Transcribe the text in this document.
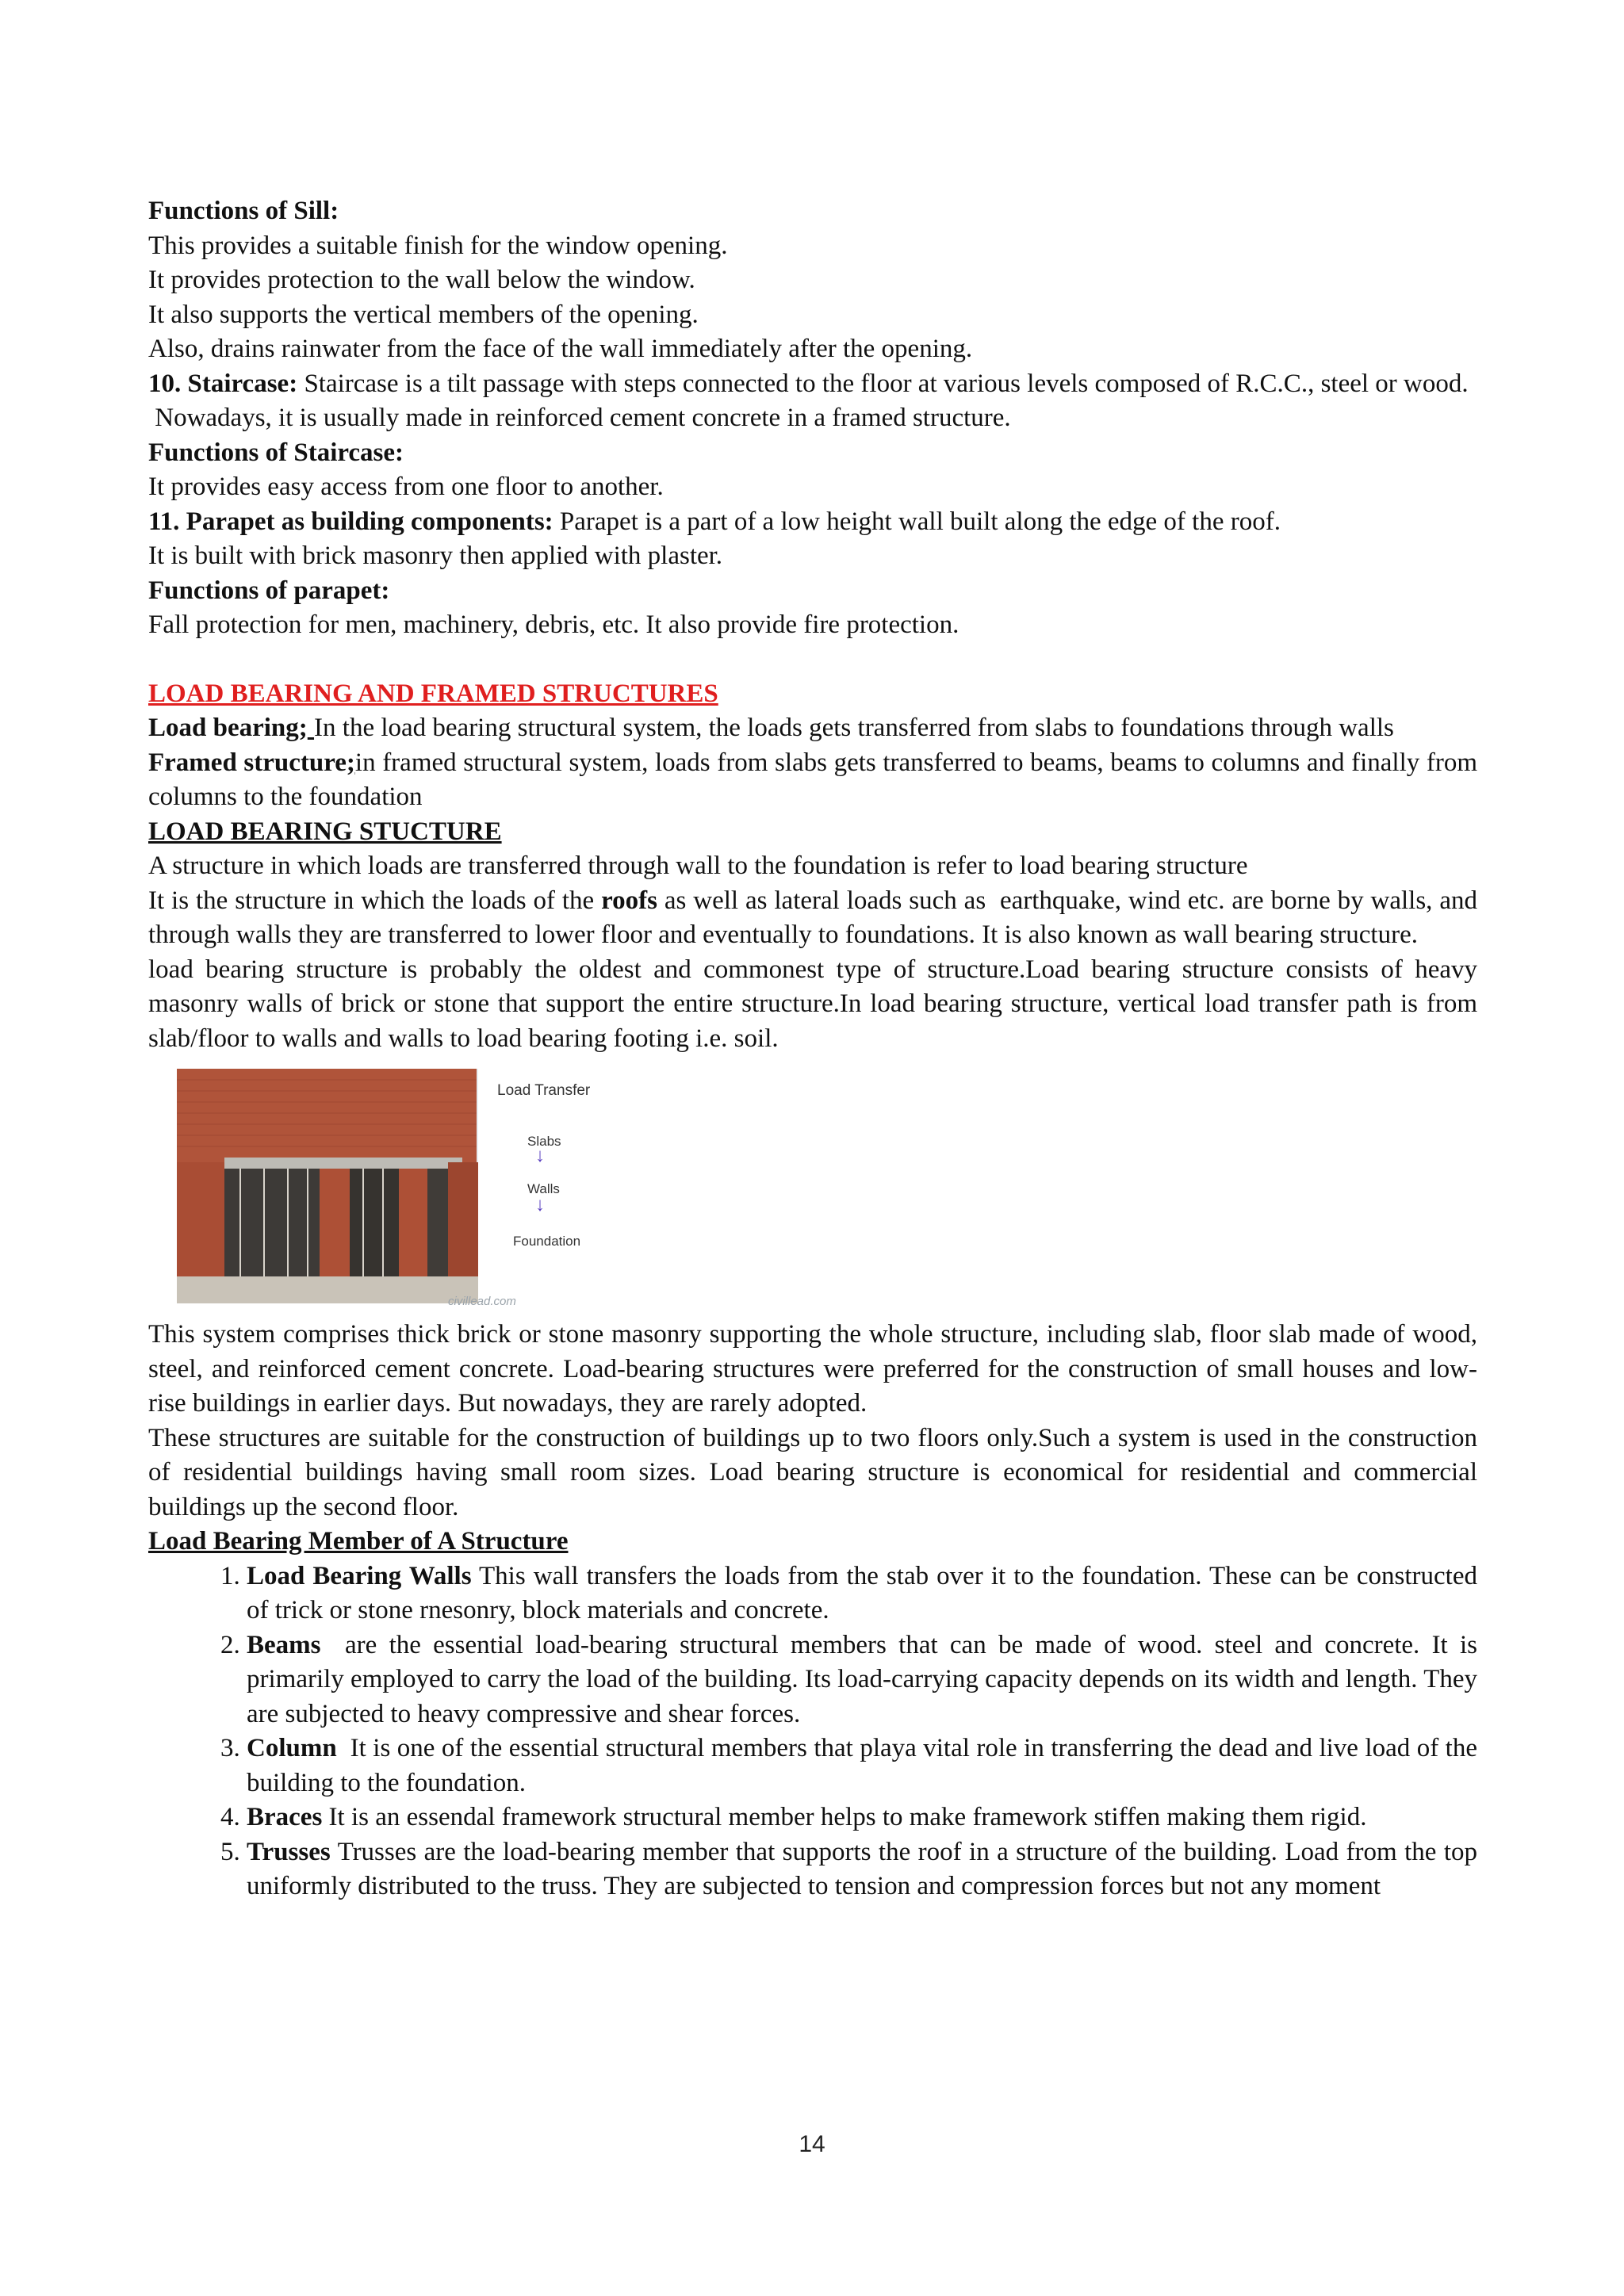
Functions of Sill:

This provides a suitable finish for the window opening.

It provides protection to the wall below the window.

It also supports the vertical members of the opening.

Also, drains rainwater from the face of the wall immediately after the opening.

10. Staircase: Staircase is a tilt passage with steps connected to the floor at various levels composed of R.C.C., steel or wood.

Nowadays, it is usually made in reinforced cement concrete in a framed structure.

Functions of Staircase:

It provides easy access from one floor to another.

11. Parapet as building components: Parapet is a part of a low height wall built along the edge of the roof.

It is built with brick masonry then applied with plaster.

Functions of parapet:

Fall protection for men, machinery, debris, etc. It also provide fire protection.

LOAD BEARING AND FRAMED STRUCTURES

Load bearing; In the load bearing structural system, the loads gets transferred from slabs to foundations through walls

Framed structure;in framed structural system, loads from slabs gets transferred to beams, beams to columns and finally from columns to the foundation

LOAD BEARING STUCTURE

A structure in which loads are transferred through wall to the foundation is refer to load bearing structure

It is the structure in which the loads of the roofs as well as lateral loads such as  earthquake, wind etc. are borne by walls, and through walls they are transferred to lower floor and eventually to foundations. It is also known as wall bearing structure.

load bearing structure is probably the oldest and commonest type of structure.Load bearing structure consists of heavy masonry walls of brick or stone that support the entire structure.In load bearing structure, vertical load transfer path is from slab/floor to walls and walls to load bearing footing i.e. soil.

Load Transfer
Slabs
↓
Walls
↓
Foundation
civillead.com

This system comprises thick brick or stone masonry supporting the whole structure, including slab, floor slab made of wood, steel, and reinforced cement concrete. Load-bearing structures were preferred for the construction of small houses and low-rise buildings in earlier days. But nowadays, they are rarely adopted.

These structures are suitable for the construction of buildings up to two floors only.Such a system is used in the construction of residential buildings having small room sizes. Load bearing structure is economical for residential and commercial buildings up the second floor.

Load Bearing Member of A Structure

1. Load Bearing Walls This wall transfers the loads from the stab over it to the foundation. These can be constructed of trick or stone rnesonry, block materials and concrete.
2. Beams  are the essential load-bearing structural members that can be made of wood. steel and concrete. It is primarily employed to carry the load of the building. Its load-carrying capacity depends on its width and length. They are subjected to heavy compressive and shear forces.
3. Column  It is one of the essential structural members that playa vital role in transferring the dead and live load of the building to the foundation.
4. Braces It is an essendal framework structural member helps to make framework stiffen making them rigid.
5. Trusses Trusses are the load-bearing member that supports the roof in a structure of the building. Load from the top uniformly distributed to the truss. They are subjected to tension and compression forces but not any moment
14
